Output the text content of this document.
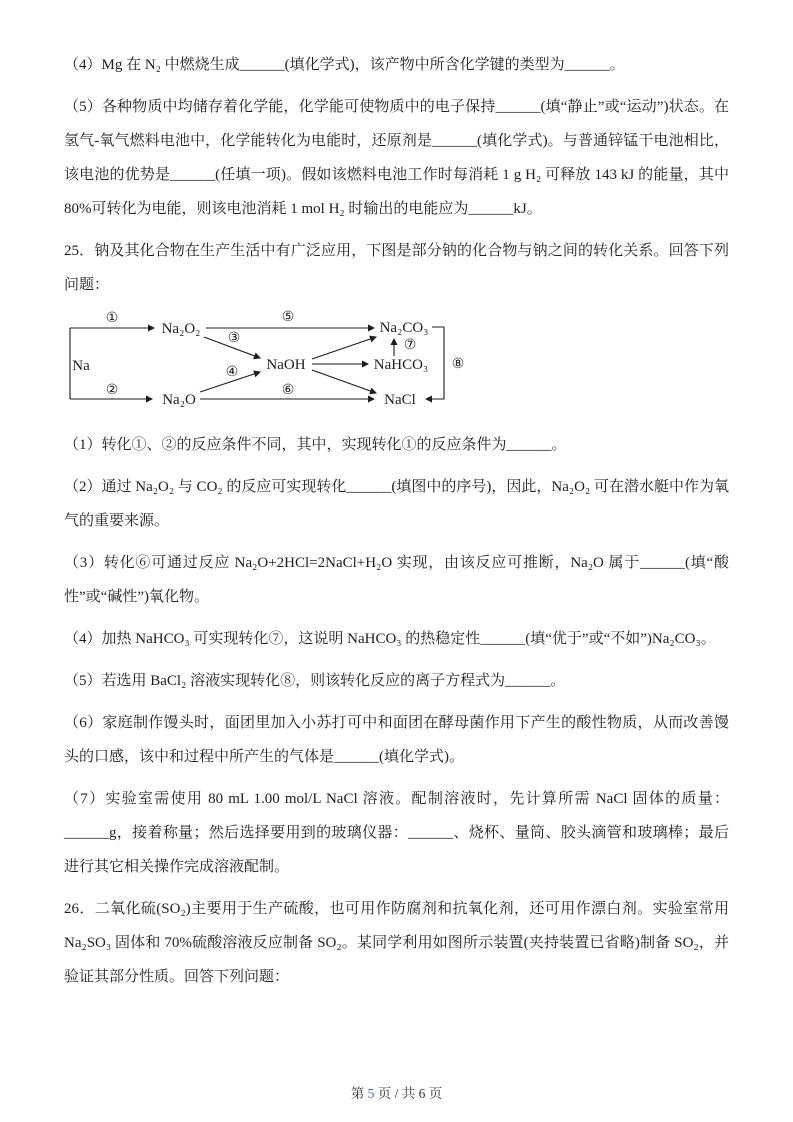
（4）Mg 在 N₂ 中燃烧生成______(填化学式)，该产物中所含化学键的类型为______。

（5）各种物质中均储存着化学能，化学能可使物质中的电子保持______(填“静止”或“运动”)状态。在氢气-氧气燃料电池中，化学能转化为电能时，还原剂是______(填化学式)。与普通锌锰干电池相比，该电池的优势是______(任填一项)。假如该燃料电池工作时每消耗 1 g H₂ 可释放 143 kJ 的能量，其中 80%可转化为电能，则该电池消耗 1 mol H₂ 时输出的电能应为______kJ。

25．钠及其化合物在生产生活中有广泛应用，下图是部分钠的化合物与钠之间的转化关系。回答下列问题：

Na
Na₂O₂
Na₂O
NaOH
Na₂CO₃
NaHCO₃
NaCl
①
②
③
④
⑤
⑥
⑦
⑧

（1）转化①、②的反应条件不同，其中，实现转化①的反应条件为______。

（2）通过 Na₂O₂ 与 CO₂ 的反应可实现转化______(填图中的序号)，因此，Na₂O₂ 可在潜水艇中作为氧气的重要来源。

（3）转化⑥可通过反应 Na₂O+2HCl=2NaCl+H₂O 实现，由该反应可推断，Na₂O 属于______(填“酸性”或“碱性”)氧化物。

（4）加热 NaHCO₃ 可实现转化⑦，这说明 NaHCO₃ 的热稳定性______(填“优于”或“不如”)Na₂CO₃。

（5）若选用 BaCl₂ 溶液实现转化⑧，则该转化反应的离子方程式为______。

（6）家庭制作馒头时，面团里加入小苏打可中和面团在酵母菌作用下产生的酸性物质，从而改善馒头的口感，该中和过程中所产生的气体是______(填化学式)。

（7）实验室需使用 80 mL 1.00 mol/L NaCl 溶液。配制溶液时，先计算所需 NaCl 固体的质量：______g，接着称量；然后选择要用到的玻璃仪器：______、烧杯、量筒、胶头滴管和玻璃棒；最后进行其它相关操作完成溶液配制。

26．二氧化硫(SO₂)主要用于生产硫酸，也可用作防腐剂和抗氧化剂，还可用作漂白剂。实验室常用 Na₂SO₃ 固体和 70%硫酸溶液反应制备 SO₂。某同学利用如图所示装置(夹持装置已省略)制备 SO₂，并验证其部分性质。回答下列问题：

第 5 页 / 共 6 页
